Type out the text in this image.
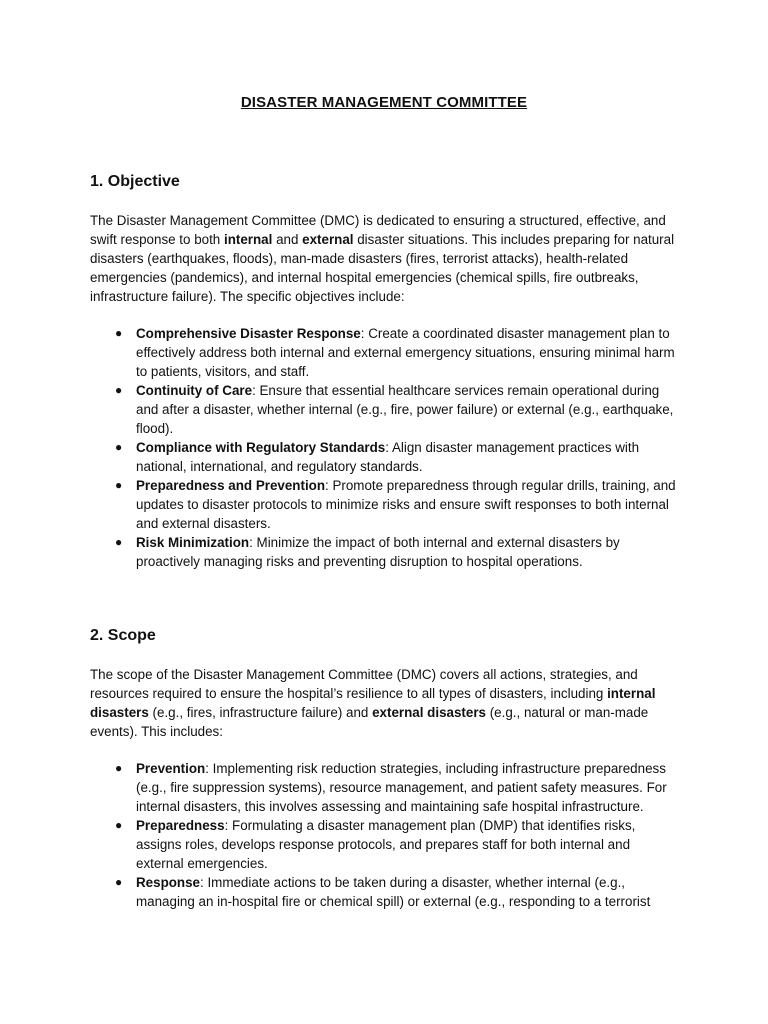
DISASTER MANAGEMENT COMMITTEE
1. Objective

The Disaster Management Committee (DMC) is dedicated to ensuring a structured, effective, and swift response to both internal and external disaster situations. This includes preparing for natural disasters (earthquakes, floods), man-made disasters (fires, terrorist attacks), health-related emergencies (pandemics), and internal hospital emergencies (chemical spills, fire outbreaks, infrastructure failure). The specific objectives include:

● Comprehensive Disaster Response: Create a coordinated disaster management plan to effectively address both internal and external emergency situations, ensuring minimal harm to patients, visitors, and staff.
● Continuity of Care: Ensure that essential healthcare services remain operational during and after a disaster, whether internal (e.g., fire, power failure) or external (e.g., earthquake, flood).
● Compliance with Regulatory Standards: Align disaster management practices with national, international, and regulatory standards.
● Preparedness and Prevention: Promote preparedness through regular drills, training, and updates to disaster protocols to minimize risks and ensure swift responses to both internal and external disasters.
● Risk Minimization: Minimize the impact of both internal and external disasters by proactively managing risks and preventing disruption to hospital operations.
2. Scope

The scope of the Disaster Management Committee (DMC) covers all actions, strategies, and resources required to ensure the hospital’s resilience to all types of disasters, including internal disasters (e.g., fires, infrastructure failure) and external disasters (e.g., natural or man-made events). This includes:

● Prevention: Implementing risk reduction strategies, including infrastructure preparedness (e.g., fire suppression systems), resource management, and patient safety measures. For internal disasters, this involves assessing and maintaining safe hospital infrastructure.
● Preparedness: Formulating a disaster management plan (DMP) that identifies risks, assigns roles, develops response protocols, and prepares staff for both internal and external emergencies.
● Response: Immediate actions to be taken during a disaster, whether internal (e.g., managing an in-hospital fire or chemical spill) or external (e.g., responding to a terrorist
